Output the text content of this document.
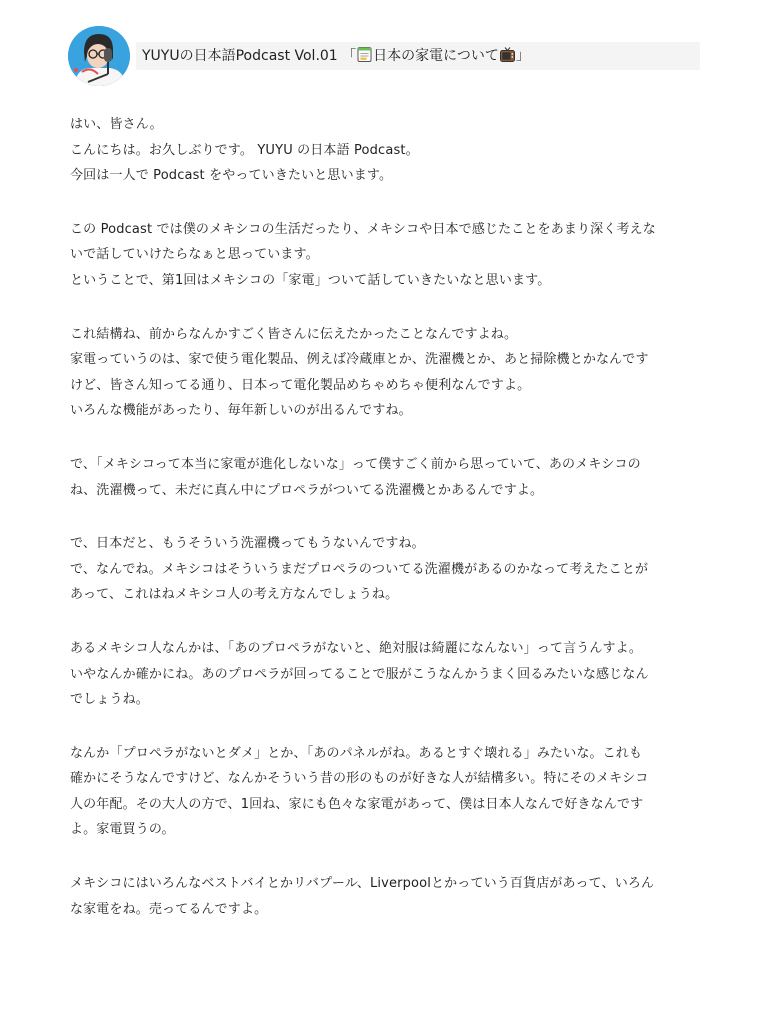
YUYUの日本語Podcast Vol.01 「 日本の家電について 」
はい、皆さん。
こんにちは。お久しぶりです。 YUYU の日本語 Podcast。
今回は一人で Podcast をやっていきたいと思います。
この Podcast では僕のメキシコの生活だったり、メキシコや日本で感じたことをあまり深く考えな
いで話していけたらなぁと思っています。
ということで、第1回はメキシコの「家電」ついて話していきたいなと思います。
これ結構ね、前からなんかすごく皆さんに伝えたかったことなんですよね。
家電っていうのは、家で使う電化製品、例えば冷蔵庫とか、洗濯機とか、あと掃除機とかなんです
けど、皆さん知ってる通り、日本って電化製品めちゃめちゃ便利なんですよ。
いろんな機能があったり、毎年新しいのが出るんですね。
で、「メキシコって本当に家電が進化しないな」って僕すごく前から思っていて、あのメキシコの
ね、洗濯機って、未だに真ん中にプロペラがついてる洗濯機とかあるんですよ。
で、日本だと、もうそういう洗濯機ってもうないんですね。
で、なんでね。メキシコはそういうまだプロペラのついてる洗濯機があるのかなって考えたことが
あって、これはねメキシコ人の考え方なんでしょうね。
あるメキシコ人なんかは、「あのプロペラがないと、絶対服は綺麗になんない」って言うんすよ。
いやなんか確かにね。あのプロペラが回ってることで服がこうなんかうまく回るみたいな感じなん
でしょうね。
なんか「プロペラがないとダメ」とか、「あのパネルがね。あるとすぐ壊れる」みたいな。これも
確かにそうなんですけど、なんかそういう昔の形のものが好きな人が結構多い。特にそのメキシコ
人の年配。その大人の方で、1回ね、家にも色々な家電があって、僕は日本人なんで好きなんです
よ。家電買うの。
メキシコにはいろんなベストバイとかリバプール、Liverpoolとかっていう百貨店があって、いろん
な家電をね。売ってるんですよ。
